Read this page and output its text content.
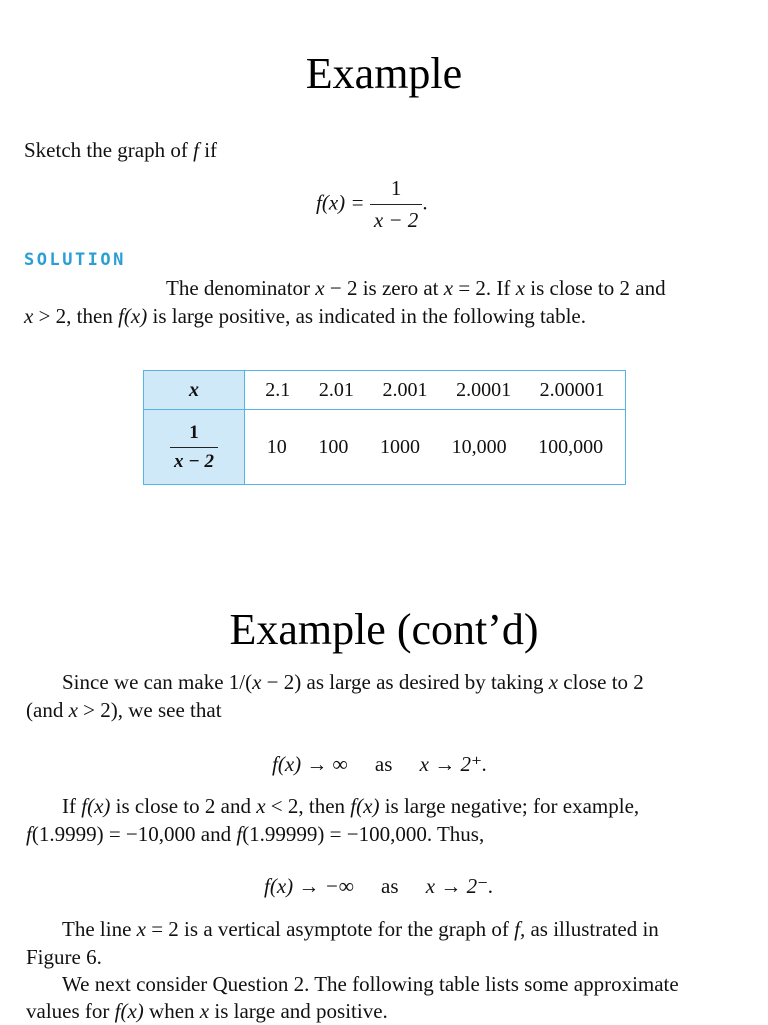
Example
Sketch the graph of f if
$f(x) = \frac{1}{x - 2}$ .
SOLUTION
The denominator x − 2 is zero at x = 2. If x is close to 2 and
x > 2, then f(x) is large positive, as indicated in the following table.
x	2.1 2.01 2.001 2.0001 2.00001

$\frac{1}{x - 2}$	10 100 1000 10,000 100,000
Example (cont’d)
Since we can make 1/(x − 2) as large as desired by taking x close to 2
(and x > 2), we see that
f(x) → ∞ as x → 2⁺.
If f(x) is close to 2 and x < 2, then f(x) is large negative; for example,
f(1.9999) = −10,000 and f(1.99999) = −100,000. Thus,
f(x) → −∞ as x → 2⁻.
The line x = 2 is a vertical asymptote for the graph of f, as illustrated in
Figure 6.
We next consider Question 2. The following table lists some approximate
values for f(x) when x is large and positive.
